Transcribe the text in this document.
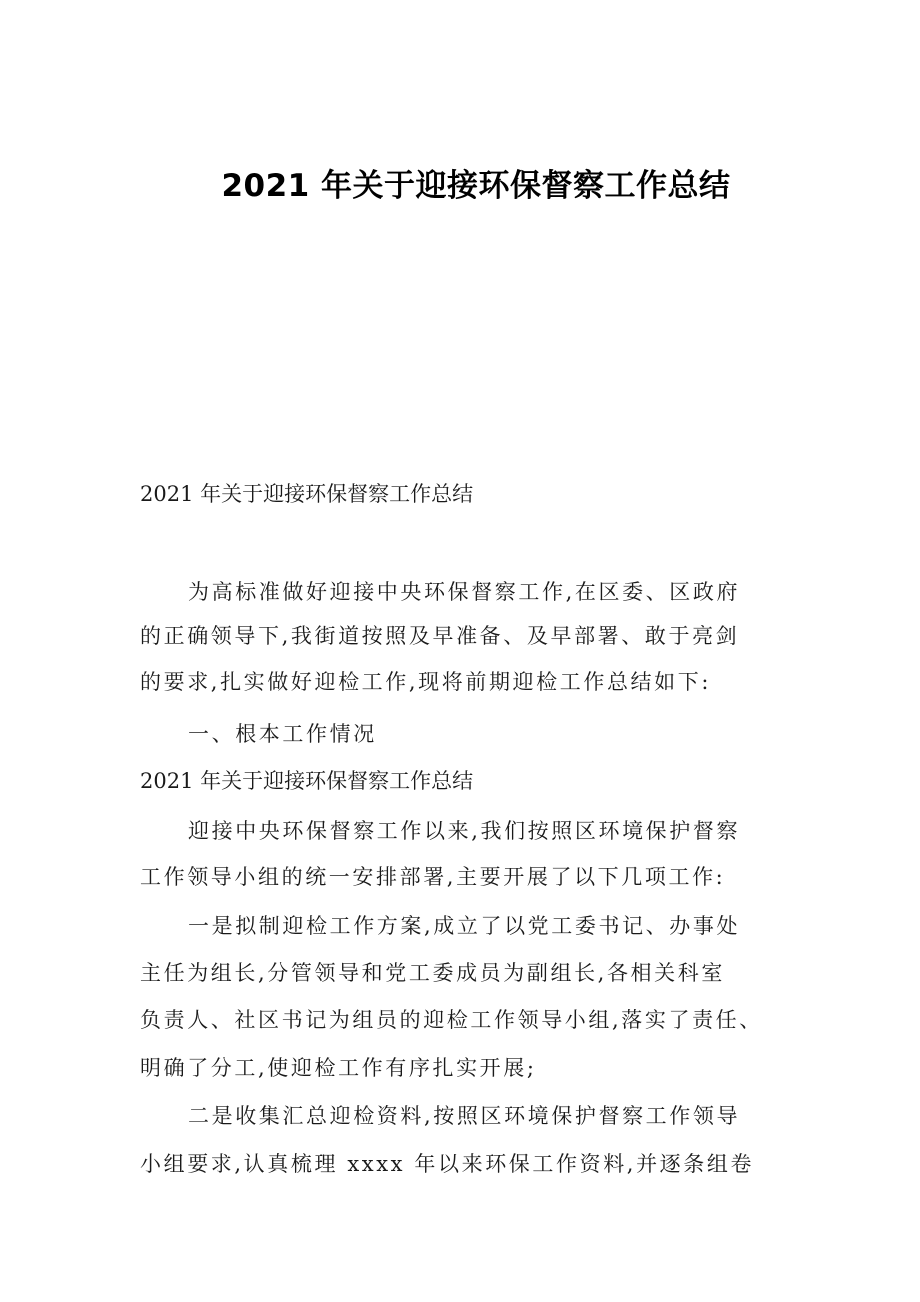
2021 年关于迎接环保督察工作总结
2021 年关于迎接环保督察工作总结
为高标准做好迎接中央环保督察工作,在区委、区政府
的正确领导下,我街道按照及早准备、及早部署、敢于亮剑
的要求,扎实做好迎检工作,现将前期迎检工作总结如下:
一、根本工作情况
2021 年关于迎接环保督察工作总结
迎接中央环保督察工作以来,我们按照区环境保护督察
工作领导小组的统一安排部署,主要开展了以下几项工作:
一是拟制迎检工作方案,成立了以党工委书记、办事处
主任为组长,分管领导和党工委成员为副组长,各相关科室
负责人、社区书记为组员的迎检工作领导小组,落实了责任、
明确了分工,使迎检工作有序扎实开展;
二是收集汇总迎检资料,按照区环境保护督察工作领导
小组要求,认真梳理 xxxx 年以来环保工作资料,并逐条组卷
